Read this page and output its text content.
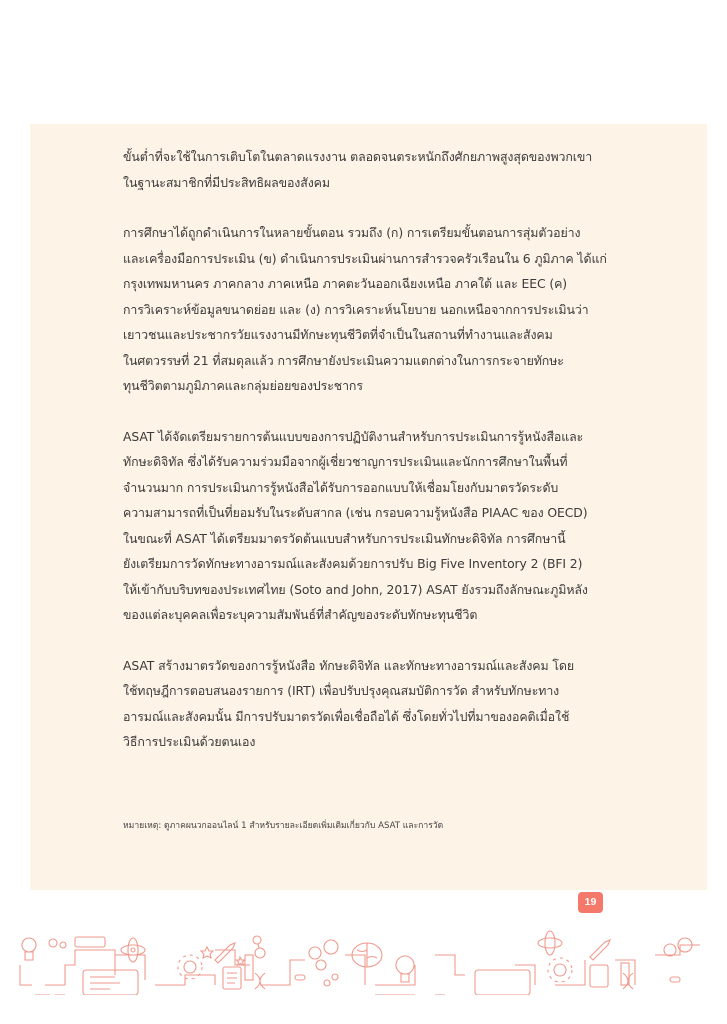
ขั้นต่ำที่จะใช้ในการเติบโตในตลาดแรงงาน ตลอดจนตระหนักถึงศักยภาพสูงสุดของพวกเขา
ในฐานะสมาชิกที่มีประสิทธิผลของสังคม

การศึกษาได้ถูกดำเนินการในหลายขั้นตอน รวมถึง (ก) การเตรียมขั้นตอนการสุ่มตัวอย่าง
และเครื่องมือการประเมิน (ข) ดำเนินการประเมินผ่านการสำรวจครัวเรือนใน 6 ภูมิภาค ได้แก่
กรุงเทพมหานคร ภาคกลาง ภาคเหนือ ภาคตะวันออกเฉียงเหนือ ภาคใต้ และ EEC (ค)
การวิเคราะห์ข้อมูลขนาดย่อย และ (ง) การวิเคราะห์นโยบาย นอกเหนือจากการประเมินว่า
เยาวชนและประชากรวัยแรงงานมีทักษะทุนชีวิตที่จำเป็นในสถานที่ทำงานและสังคม
ในศตวรรษที่ 21 ที่สมดุลแล้ว การศึกษายังประเมินความแตกต่างในการกระจายทักษะ
ทุนชีวิตตามภูมิภาคและกลุ่มย่อยของประชากร

ASAT ได้จัดเตรียมรายการต้นแบบของการปฏิบัติงานสำหรับการประเมินการรู้หนังสือและ
ทักษะดิจิทัล ซึ่งได้รับความร่วมมือจากผู้เชี่ยวชาญการประเมินและนักการศึกษาในพื้นที่
จำนวนมาก การประเมินการรู้หนังสือได้รับการออกแบบให้เชื่อมโยงกับมาตรวัดระดับ
ความสามารถที่เป็นที่ยอมรับในระดับสากล (เช่น กรอบความรู้หนังสือ PIAAC ของ OECD)
ในขณะที่ ASAT ได้เตรียมมาตรวัดต้นแบบสำหรับการประเมินทักษะดิจิทัล การศึกษานี้
ยังเตรียมการวัดทักษะทางอารมณ์และสังคมด้วยการปรับ Big Five Inventory 2 (BFI 2)
ให้เข้ากับบริบทของประเทศไทย (Soto and John, 2017) ASAT ยังรวมถึงลักษณะภูมิหลัง
ของแต่ละบุคคลเพื่อระบุความสัมพันธ์ที่สำคัญของระดับทักษะทุนชีวิต

ASAT สร้างมาตรวัดของการรู้หนังสือ ทักษะดิจิทัล และทักษะทางอารมณ์และสังคม โดย
ใช้ทฤษฎีการตอบสนองรายการ (IRT) เพื่อปรับปรุงคุณสมบัติการวัด สำหรับทักษะทาง
อารมณ์และสังคมนั้น มีการปรับมาตรวัดเพื่อเชื่อถือได้ ซึ่งโดยทั่วไปที่มาของอคติเมื่อใช้
วิธีการประเมินด้วยตนเอง

หมายเหตุ: ดูภาคผนวกออนไลน์ 1 สำหรับรายละเอียดเพิ่มเติมเกี่ยวกับ ASAT และการวัด
19
